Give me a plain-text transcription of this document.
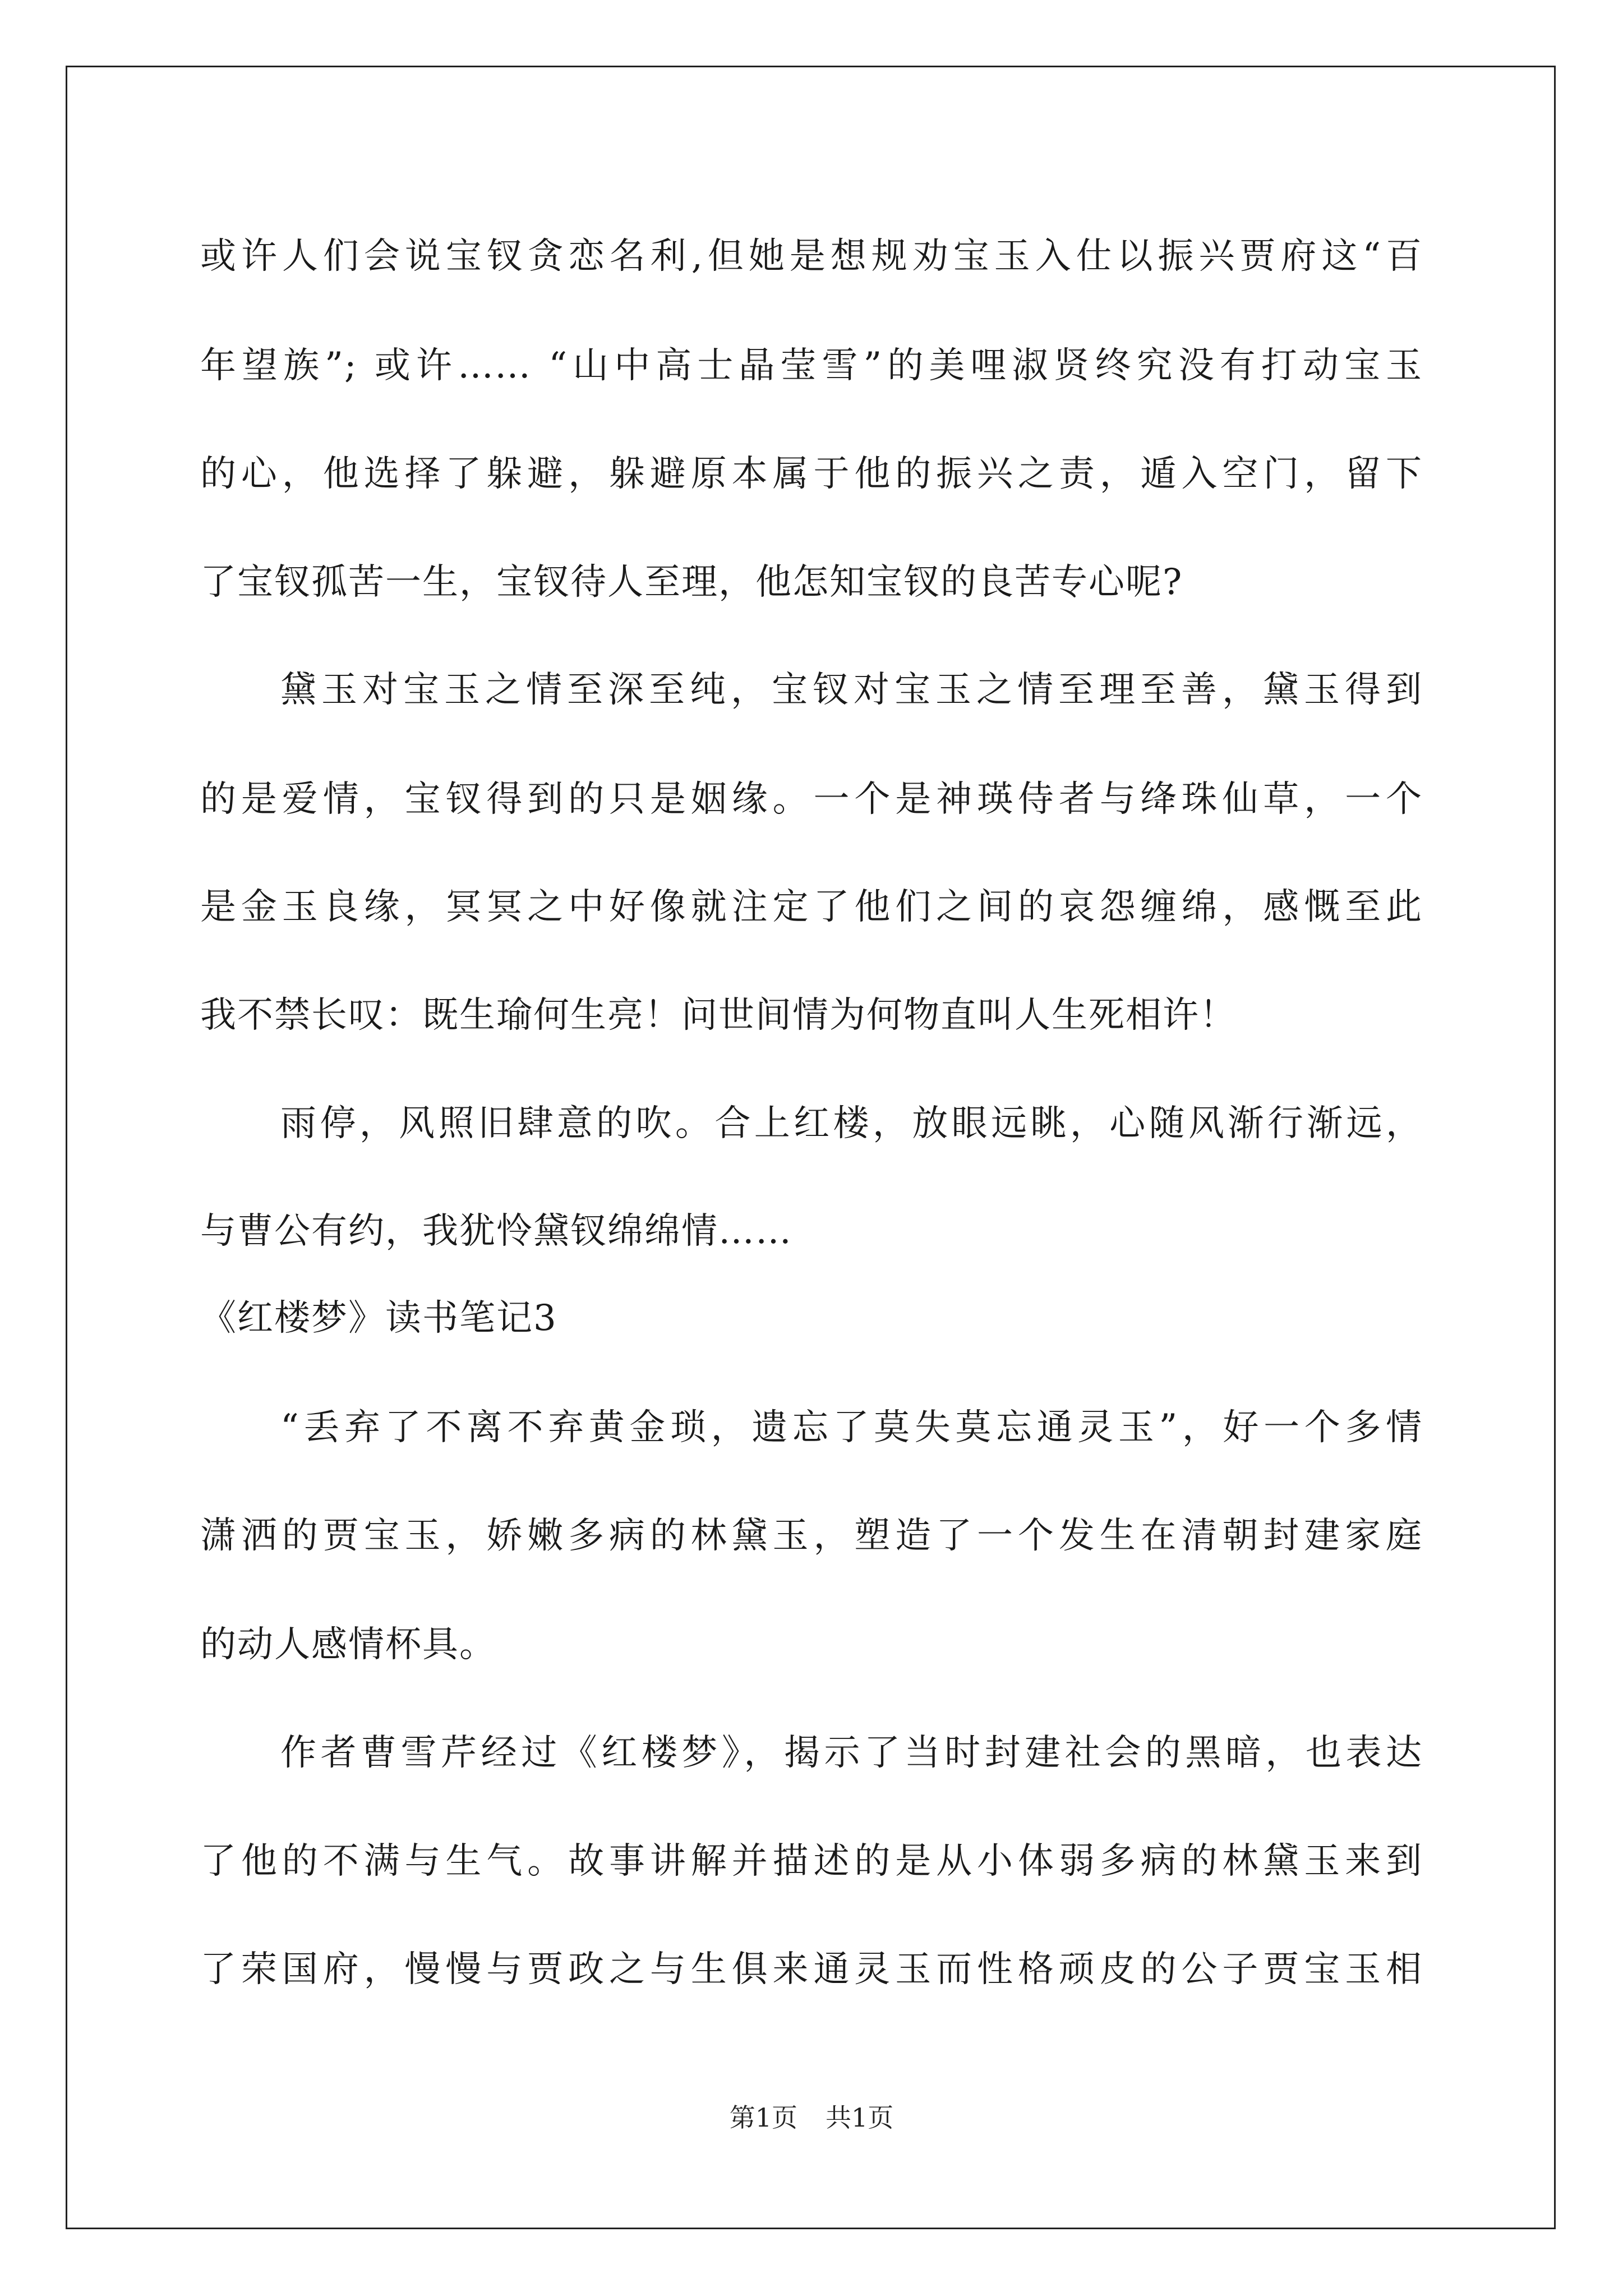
或许人们会说宝钗贪恋名利,但她是想规劝宝玉入仕以振兴贾府这“百
年望族”; 或许…… “山中高士晶莹雪”的美哩淑贤终究没有打动宝玉
的心，他选择了躲避，躲避原本属于他的振兴之责，遁入空门，留下
了宝钗孤苦一生，宝钗待人至理，他怎知宝钗的良苦专心呢?
黛玉对宝玉之情至深至纯，宝钗对宝玉之情至理至善，黛玉得到
的是爱情，宝钗得到的只是姻缘。一个是神瑛侍者与绛珠仙草，一个
是金玉良缘，冥冥之中好像就注定了他们之间的哀怨缠绵，感慨至此
我不禁长叹：既生瑜何生亮！问世间情为何物直叫人生死相许！
雨停，风照旧肆意的吹。合上红楼，放眼远眺，心随风渐行渐远，
与曹公有约，我犹怜黛钗绵绵情……
《红楼梦》读书笔记3
“丢弃了不离不弃黄金琐，遗忘了莫失莫忘通灵玉”，好一个多情
潇洒的贾宝玉，娇嫩多病的林黛玉，塑造了一个发生在清朝封建家庭
的动人感情杯具。
作者曹雪芹经过《红楼梦》，揭示了当时封建社会的黑暗，也表达
了他的不满与生气。故事讲解并描述的是从小体弱多病的林黛玉来到
了荣国府，慢慢与贾政之与生俱来通灵玉而性格顽皮的公子贾宝玉相
第1页 共1页
